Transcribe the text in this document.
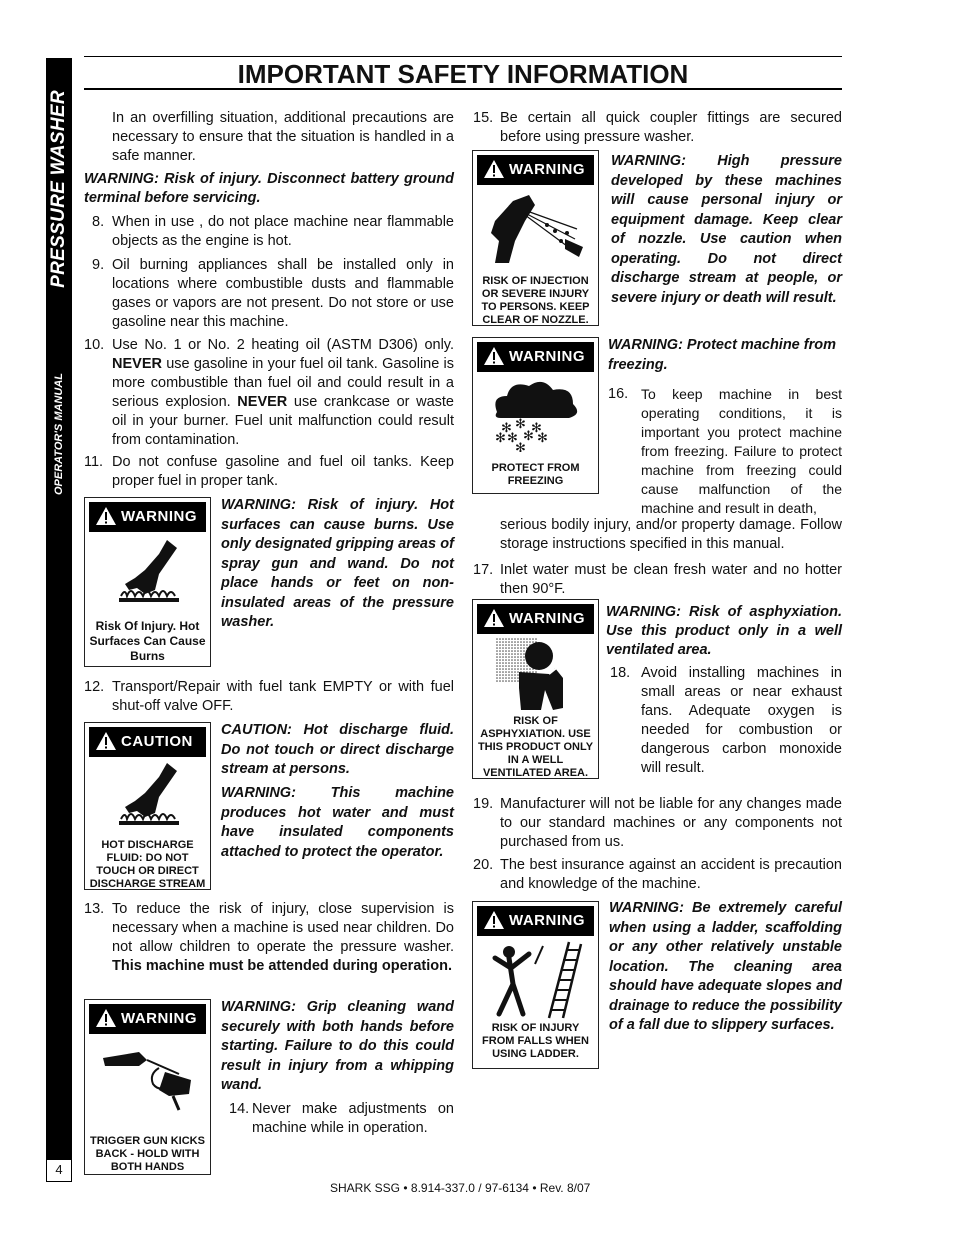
PRESSURE WASHER
OPERATOR'S MANUAL
4
IMPORTANT SAFETY INFORMATION
In an overfilling situation, additional precautions are necessary to ensure that the situation is handled in a safe manner.
WARNING: Risk of injury. Disconnect battery ground terminal before servicing.
8. When in use , do not place machine near flammable objects as the engine is hot.
9. Oil burning appliances shall be installed only in locations where combustible dusts and flammable gases or vapors are not present. Do not store or use gasoline near this machine.
10. Use No. 1 or No. 2 heating oil (ASTM D306) only. NEVER use gasoline in your fuel oil tank. Gasoline is more combustible than fuel oil and could result in a serious explosion. NEVER use crankcase or waste oil in your burner. Fuel unit malfunction could result from contamination.
11. Do not confuse gasoline and fuel oil tanks. Keep proper fuel in proper tank.
WARNING
Risk Of Injury. Hot Surfaces Can Cause Burns
WARNING: Risk of injury. Hot surfaces can cause burns. Use only designated gripping areas of spray gun and wand. Do not place hands or feet on non-insulated areas of the pressure washer.
12. Transport/Repair with fuel tank EMPTY or with fuel shut-off valve OFF.
CAUTION
HOT DISCHARGE FLUID: DO NOT TOUCH OR DIRECT DISCHARGE STREAM
CAUTION: Hot discharge fluid. Do not touch or direct discharge stream at persons.
WARNING: This machine produces hot water and must have insulated components attached to protect the operator.
13. To reduce the risk of injury, close supervision is necessary when a machine is used near children. Do not allow children to operate the pressure washer. This machine must be attended during operation.
WARNING
TRIGGER GUN KICKS BACK - HOLD WITH BOTH HANDS
WARNING: Grip cleaning wand securely with both hands before starting. Failure to do this could result in injury from a whipping wand.
14. Never make adjustments on machine while in operation.
15. Be certain all quick coupler fittings are secured before using pressure washer.
WARNING
RISK OF INJECTION OR SEVERE INJURY TO PERSONS. KEEP CLEAR OF NOZZLE.
WARNING: High pressure developed by these machines will cause personal injury or equipment damage. Keep clear of nozzle. Use caution when operating. Do not direct discharge stream at people, or severe injury or death will result.
WARNING
✻ ✻ ✻
✻ ✻ ✻
✻
✻
PROTECT FROM FREEZING
WARNING: Protect machine from freezing.
16. To keep machine in best operating conditions, it is important you protect machine from freezing. Failure to protect machine from freezing could cause malfunction of the machine and result in death,
serious bodily injury, and/or property damage. Follow storage instructions specified in this manual.
17. Inlet water must be clean fresh water and no hotter then 90°F.
WARNING
RISK OF ASPHYXIATION. USE THIS PRODUCT ONLY IN A WELL VENTILATED AREA.
WARNING: Risk of asphyxiation. Use this product only in a well ventilated area.
18. Avoid installing machines in small areas or near exhaust fans. Adequate oxygen is needed for combustion or dangerous carbon monoxide will result.
19. Manufacturer will not be liable for any changes made to our standard machines or any components not purchased from us.
20. The best insurance against an accident is precaution and knowledge of the machine.
WARNING
RISK OF INJURY FROM FALLS WHEN USING LADDER.
WARNING: Be extremely careful when using a ladder, scaffolding or any other relatively unstable location. The cleaning area should have adequate slopes and drainage to reduce the possibility of a fall due to slippery surfaces.
SHARK SSG • 8.914-337.0 / 97-6134 • Rev. 8/07
